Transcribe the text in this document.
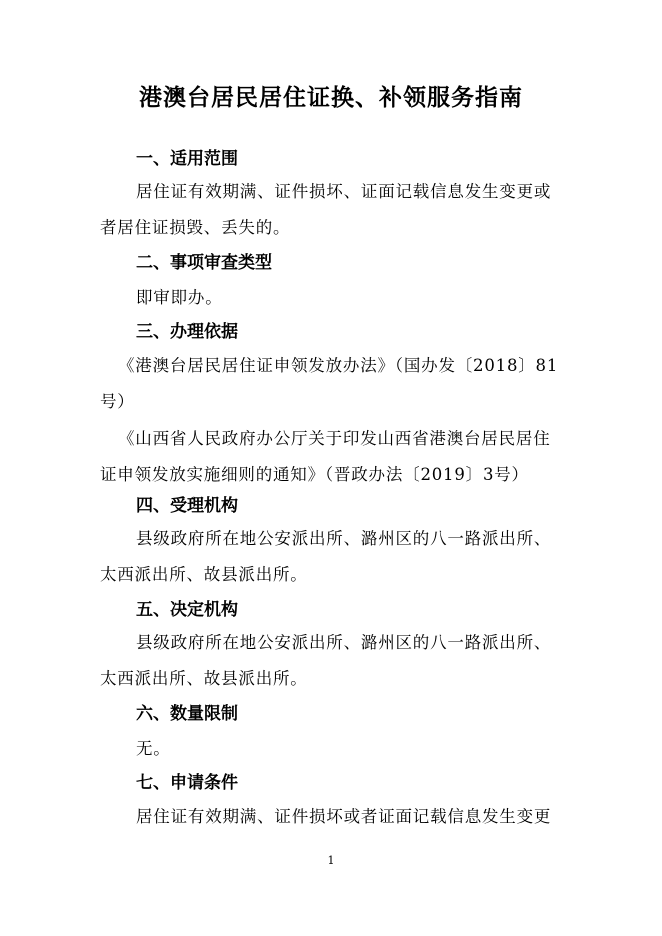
港澳台居民居住证换、补领服务指南
一、适用范围
居住证有效期满、证件损坏、证面记载信息发生变更或者居住证损毁、丢失的。
二、事项审查类型
即审即办。
三、办理依据
《港澳台居民居住证申领发放办法》（国办发〔2018〕81号）
《山西省人民政府办公厅关于印发山西省港澳台居民居住证申领发放实施细则的通知》（晋政办法〔2019〕3号）
四、受理机构
县级政府所在地公安派出所、潞州区的八一路派出所、太西派出所、故县派出所。
五、决定机构
县级政府所在地公安派出所、潞州区的八一路派出所、太西派出所、故县派出所。
六、数量限制
无。
七、申请条件
居住证有效期满、证件损坏或者证面记载信息发生变更
1
